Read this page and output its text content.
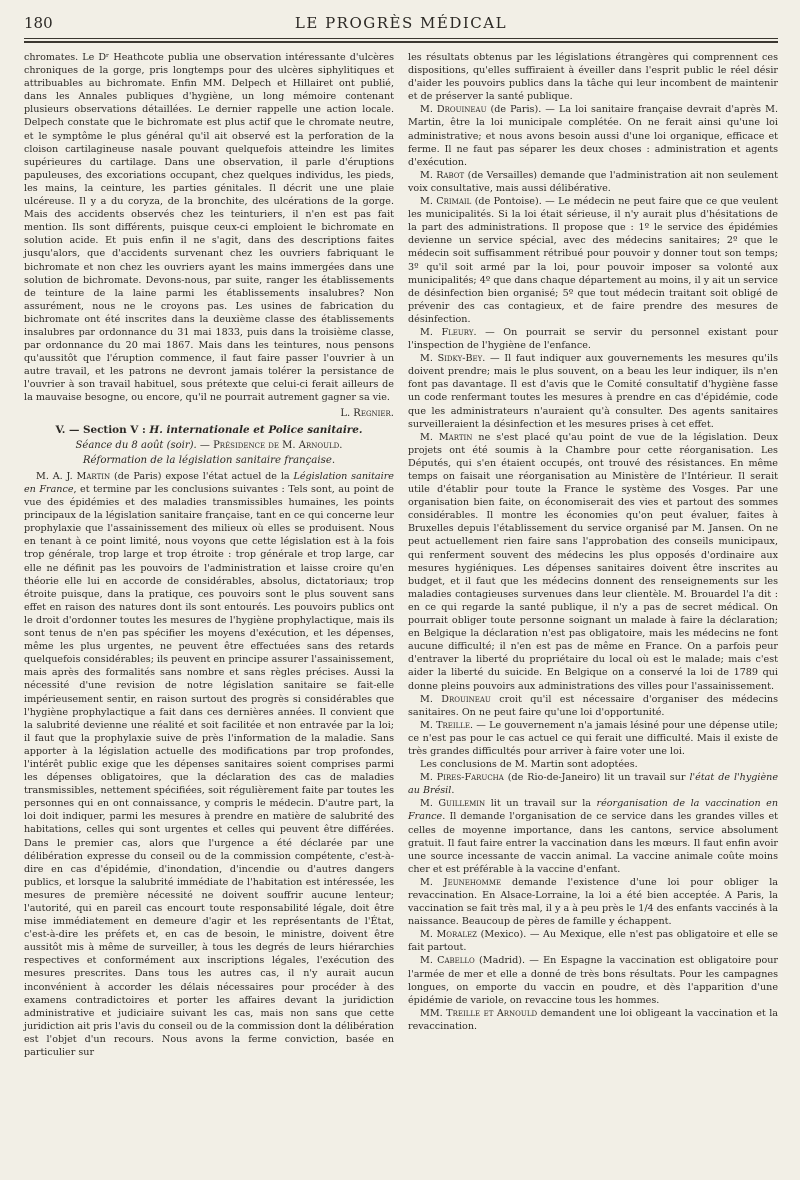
180	LE PROGRÈS MÉDICAL

chromates. Le Dʳ Heathcote publia une observation intéressante d'ulcères chroniques de la gorge, pris longtemps pour des ulcères siphylitiques et attribuables au bichromate. Enfin MM. Delpech et Hillairet ont publié, dans les Annales publiques d'hygiène, un long mémoire contenant plusieurs observations détaillées. Le dernier rappelle une action locale. Delpech constate que le bichromate est plus actif que le chromate neutre, et le symptôme le plus général qu'il ait observé est la perforation de la cloison cartilagineuse nasale pouvant quelquefois atteindre les limites supérieures du cartilage. Dans une observation, il parle d'éruptions papuleuses, des excoriations occupant, chez quelques individus, les pieds, les mains, la ceinture, les parties génitales. Il décrit une une plaie ulcéreuse. Il y a du coryza, de la bronchite, des ulcérations de la gorge. Mais des accidents observés chez les teinturiers, il n'en est pas fait mention. Ils sont différents, puisque ceux-ci emploient le bichromate en solution acide. Et puis enfin il ne s'agit, dans des descriptions faites jusqu'alors, que d'accidents survenant chez les ouvriers fabriquant le bichromate et non chez les ouvriers ayant les mains immergées dans une solution de bichromate. Devons-nous, par suite, ranger les établissements de teinture de la laine parmi les établissements insalubres? Non assurément, nous ne le croyons pas. Les usines de fabrication du bichromate ont été inscrites dans la deuxième classe des établissements insalubres par ordonnance du 31 mai 1833, puis dans la troisième classe, par ordonnance du 20 mai 1867. Mais dans les teintures, nous pensons qu'aussitôt que l'éruption commence, il faut faire passer l'ouvrier à un autre travail, et les patrons ne devront jamais tolérer la persistance de l'ouvrier à son travail habituel, sous prétexte que celui-ci ferait ailleurs de la mauvaise besogne, ou encore, qu'il ne pourrait autrement gagner sa vie.

L. Regnier.
V. — Section V : H. internationale et Police sanitaire.
Séance du 8 août (soir). — Présidence de M. Arnould.
Réformation de la législation sanitaire française.

M. A. J. Martin (de Paris) expose l'état actuel de la Législation sanitaire en France, et termine par les conclusions suivantes : Tels sont, au point de vue des épidémies et des maladies transmissibles humaines, les points principaux de la législation sanitaire française, tant en ce qui concerne leur prophylaxie que l'assainissement des milieux où elles se produisent. Nous en tenant à ce point limité, nous voyons que cette législation est à la fois trop générale, trop large et trop étroite : trop générale et trop large, car elle ne définit pas les pouvoirs de l'administration et laisse croire qu'en théorie elle lui en accorde de considérables, absolus, dictatoriaux; trop étroite puisque, dans la pratique, ces pouvoirs sont le plus souvent sans effet en raison des natures dont ils sont entourés. Les pouvoirs publics ont le droit d'ordonner toutes les mesures de l'hygiène prophylactique, mais ils sont tenus de n'en pas spécifier les moyens d'exécution, et les dépenses, même les plus urgentes, ne peuvent être effectuées sans des retards quelquefois considérables; ils peuvent en principe assurer l'assainissement, mais après des formalités sans nombre et sans règles précises. Aussi la nécessité d'une revision de notre législation sanitaire se fait-elle impérieusement sentir, en raison surtout des progrès si considérables que l'hygiène prophylactique a fait dans ces dernières années. Il convient que la salubrité devienne une réalité et soit facilitée et non entravée par la loi; il faut que la prophylaxie suive de près l'information de la maladie. Sans apporter à la législation actuelle des modifications par trop profondes, l'intérêt public exige que les dépenses sanitaires soient comprises parmi les dépenses obligatoires, que la déclaration des cas de maladies transmissibles, nettement spécifiées, soit régulièrement faite par toutes les personnes qui en ont connaissance, y compris le médecin. D'autre part, la loi doit indiquer, parmi les mesures à prendre en matière de salubrité des habitations, celles qui sont urgentes et celles qui peuvent être différées. Dans le premier cas, alors que l'urgence a été déclarée par une délibération expresse du conseil ou de la commission compétente, c'est-à-dire en cas d'épidémie, d'inondation, d'incendie ou d'autres dangers publics, et lorsque la salubrité immédiate de l'habitation est intéressée, les mesures de première nécessité ne doivent souffrir aucune lenteur; l'autorité, qui en pareil cas encourt toute responsabilité légale, doit être mise immédiatement en demeure d'agir et les représentants de l'État, c'est-à-dire les préfets et, en cas de besoin, le ministre, doivent être aussitôt mis à même de surveiller, à tous les degrés de leurs hiérarchies respectives et conformément aux inscriptions légales, l'exécution des mesures prescrites. Dans tous les autres cas, il n'y aurait aucun inconvénient à accorder les délais nécessaires pour procéder à des examens contradictoires et porter les affaires devant la juridiction administrative et judiciaire suivant les cas, mais non sans que cette juridiction ait pris l'avis du conseil ou de la commission dont la délibération est l'objet d'un recours. Nous avons la ferme conviction, basée en particulier sur

les résultats obtenus par les législations étrangères qui comprennent ces dispositions, qu'elles suffiraient à éveiller dans l'esprit public le réel désir d'aider les pouvoirs publics dans la tâche qui leur incombent de maintenir et de préserver la santé publique.

M. Drouineau (de Paris). — La loi sanitaire française devrait d'après M. Martin, être la loi municipale complétée. On ne ferait ainsi qu'une loi administrative; et nous avons besoin aussi d'une loi organique, efficace et ferme. Il ne faut pas séparer les deux choses : administration et agents d'exécution.

M. Rabot (de Versailles) demande que l'administration ait non seulement voix consultative, mais aussi délibérative.

M. Crimail (de Pontoise). — Le médecin ne peut faire que ce que veulent les municipalités. Si la loi était sérieuse, il n'y aurait plus d'hésitations de la part des administrations. Il propose que : 1º le service des épidémies devienne un service spécial, avec des médecins sanitaires; 2º que le médecin soit suffisamment rétribué pour pouvoir y donner tout son temps; 3º qu'il soit armé par la loi, pour pouvoir imposer sa volonté aux municipalités; 4º que dans chaque département au moins, il y ait un service de désinfection bien organisé; 5º que tout médecin traitant soit obligé de prévenir des cas contagieux, et de faire prendre des mesures de désinfection.

M. Fleury. — On pourrait se servir du personnel existant pour l'inspection de l'hygiène de l'enfance.

M. Sidky-Bey. — Il faut indiquer aux gouvernements les mesures qu'ils doivent prendre; mais le plus souvent, on a beau les leur indiquer, ils n'en font pas davantage. Il est d'avis que le Comité consultatif d'hygiène fasse un code renfermant toutes les mesures à prendre en cas d'épidémie, code que les administrateurs n'auraient qu'à consulter. Des agents sanitaires surveilleraient la désinfection et les mesures prises à cet effet.

M. Martin ne s'est placé qu'au point de vue de la législation. Deux projets ont été soumis à la Chambre pour cette réorganisation. Les Députés, qui s'en étaient occupés, ont trouvé des résistances. En même temps on faisait une réorganisation au Ministère de l'Intérieur. Il serait utile d'établir pour toute la France le système des Vosges. Par une organisation bien faite, on économiserait des vies et partout des sommes considérables. Il montre les économies qu'on peut évaluer, faites à Bruxelles depuis l'établissement du service organisé par M. Jansen. On ne peut actuellement rien faire sans l'approbation des conseils municipaux, qui renferment souvent des médecins les plus opposés d'ordinaire aux mesures hygiéniques. Les dépenses sanitaires doivent être inscrites au budget, et il faut que les médecins donnent des renseignements sur les maladies contagieuses survenues dans leur clientèle. M. Brouardel l'a dit : en ce qui regarde la santé publique, il n'y a pas de secret médical. On pourrait obliger toute personne soignant un malade à faire la déclaration; en Belgique la déclaration n'est pas obligatoire, mais les médecins ne font aucune difficulté; il n'en est pas de même en France. On a parfois peur d'entraver la liberté du propriétaire du local où est le malade; mais c'est aider la liberté du suicide. En Belgique on a conservé la loi de 1789 qui donne pleins pouvoirs aux administrations des villes pour l'assainissement.

M. Drouineau croit qu'il est nécessaire d'organiser des médecins sanitaires. On ne peut faire qu'une loi d'opportunité.

M. Treille. — Le gouvernement n'a jamais lésiné pour une dépense utile; ce n'est pas pour le cas actuel ce qui ferait une difficulté. Mais il existe de très grandes difficultés pour arriver à faire voter une loi.

Les conclusions de M. Martin sont adoptées.

M. Pires-Farucha (de Rio-de-Janeiro) lit un travail sur l'état de l'hygiène au Brésil.

M. Guillemin lit un travail sur la réorganisation de la vaccination en France. Il demande l'organisation de ce service dans les grandes villes et celles de moyenne importance, dans les cantons, service absolument gratuit. Il faut faire entrer la vaccination dans les mœurs. Il faut enfin avoir une source incessante de vaccin animal. La vaccine animale coûte moins cher et est préférable à la vaccine d'enfant.

M. Jeunehomme demande l'existence d'une loi pour obliger la revaccination. En Alsace-Lorraine, la loi a été bien acceptée. A Paris, la vaccination se fait très mal, il y a à peu près le 1/4 des enfants vaccinés à la naissance. Beaucoup de pères de famille y échappent.

M. Moralez (Mexico). — Au Mexique, elle n'est pas obligatoire et elle se fait partout.

M. Cabello (Madrid). — En Espagne la vaccination est obligatoire pour l'armée de mer et elle a donné de très bons résultats. Pour les campagnes longues, on emporte du vaccin en poudre, et dès l'apparition d'une épidémie de variole, on revaccine tous les hommes.

MM. Treille et Arnould demandent une loi obligeant la vaccination et la revaccination.
